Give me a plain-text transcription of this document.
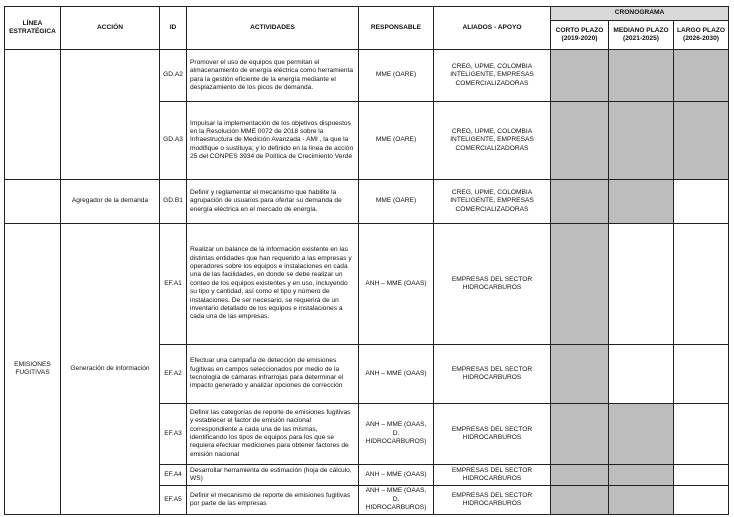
LÍNEA ESTRATÉGICA	ACCIÓN	ID	ACTIVIDADES	RESPONSABLE	ALIADOS - APOYO	CRONOGRAMA		
						CORTO PLAZO (2019-2020)	MEDIANO PLAZO (2021-2025)	LARGO PLAZO (2026-2030)
		GD.A2	Promover el uso de equipos que permitan el almacenamiento de energía eléctrica como herramienta para la gestión eficiente de la energía mediante el desplazamiento de los picos de demanda.	MME (OARE)	CREG, UPME, COLOMBIA INTELIGENTE, EMPRESAS COMERCIALIZADORAS			
		GD.A3	Impulsar la implementación de los objetivos dispuestos en la Resolución MME 0072 de 2018 sobre la Infraestructura de Medición Avanzada - AMI , la que la modifique o sustituya; y lo definido en la línea de acción 25 del CONPES 3934 de Política de Crecimiento Verde	MME (OARE)	CREG, UPME, COLOMBIA INTELIGENTE, EMPRESAS COMERCIALIZADORAS			
	Agregador de la demanda	GD.B1	Definir y reglamentar el mecanismo que habilite la agrupación de usuarios para ofertar su demanda de energía eléctrica en el mercado de energía.	MME (OARE)	CREG, UPME, COLOMBIA INTELIGENTE, EMPRESAS COMERCIALIZADORAS			
EMISIONES FUGITIVAS	Generación de información	EF.A1	Realizar un balance de la información existente en las distintas entidades que han requerido a las empresas y operadores sobre los equipos e instalaciones en cada una de las facilidades, en donde se debe realizar un conteo de los equipos existentes y en uso, incluyendo su tipo y cantidad, así como el tipo y número de instalaciones. De ser necesario, se requerirá de un inventario detallado de los equipos e instalaciones a cada una de las empresas.	ANH – MME (OAAS)	EMPRESAS DEL SECTOR HIDROCARBUROS			
		EF.A2	Efectuar una campaña de detección de emisiones fugitivas en campos seleccionados por medio de la tecnología de cámaras infrarrojas para determinar el impacto generado y analizar opciones de corrección	ANH – MME (OAAS)	EMPRESAS DEL SECTOR HIDROCARBUROS			
		EF.A3	Definir las categorías de reporte de emisiones fugitivas y establecer el factor de emisión nacional correspondiente a cada una de las mismas, identificando los tipos de equipos para los que se requiera efectuar mediciones para obtener factores de emisión nacional	ANH – MME (OAAS, D. HIDROCARBUROS)	EMPRESAS DEL SECTOR HIDROCARBUROS			
		EF.A4	Desarrollar herramienta de estimación (hoja de cálculo, WS)	ANH – MME (OAAS)	EMPRESAS DEL SECTOR HIDROCARBUROS			
		EF.A5	Definir el mecanismo de reporte de emisiones fugitivas por parte de las empresas	ANH – MME (OAAS, D. HIDROCARBUROS)	EMPRESAS DEL SECTOR HIDROCARBUROS			
